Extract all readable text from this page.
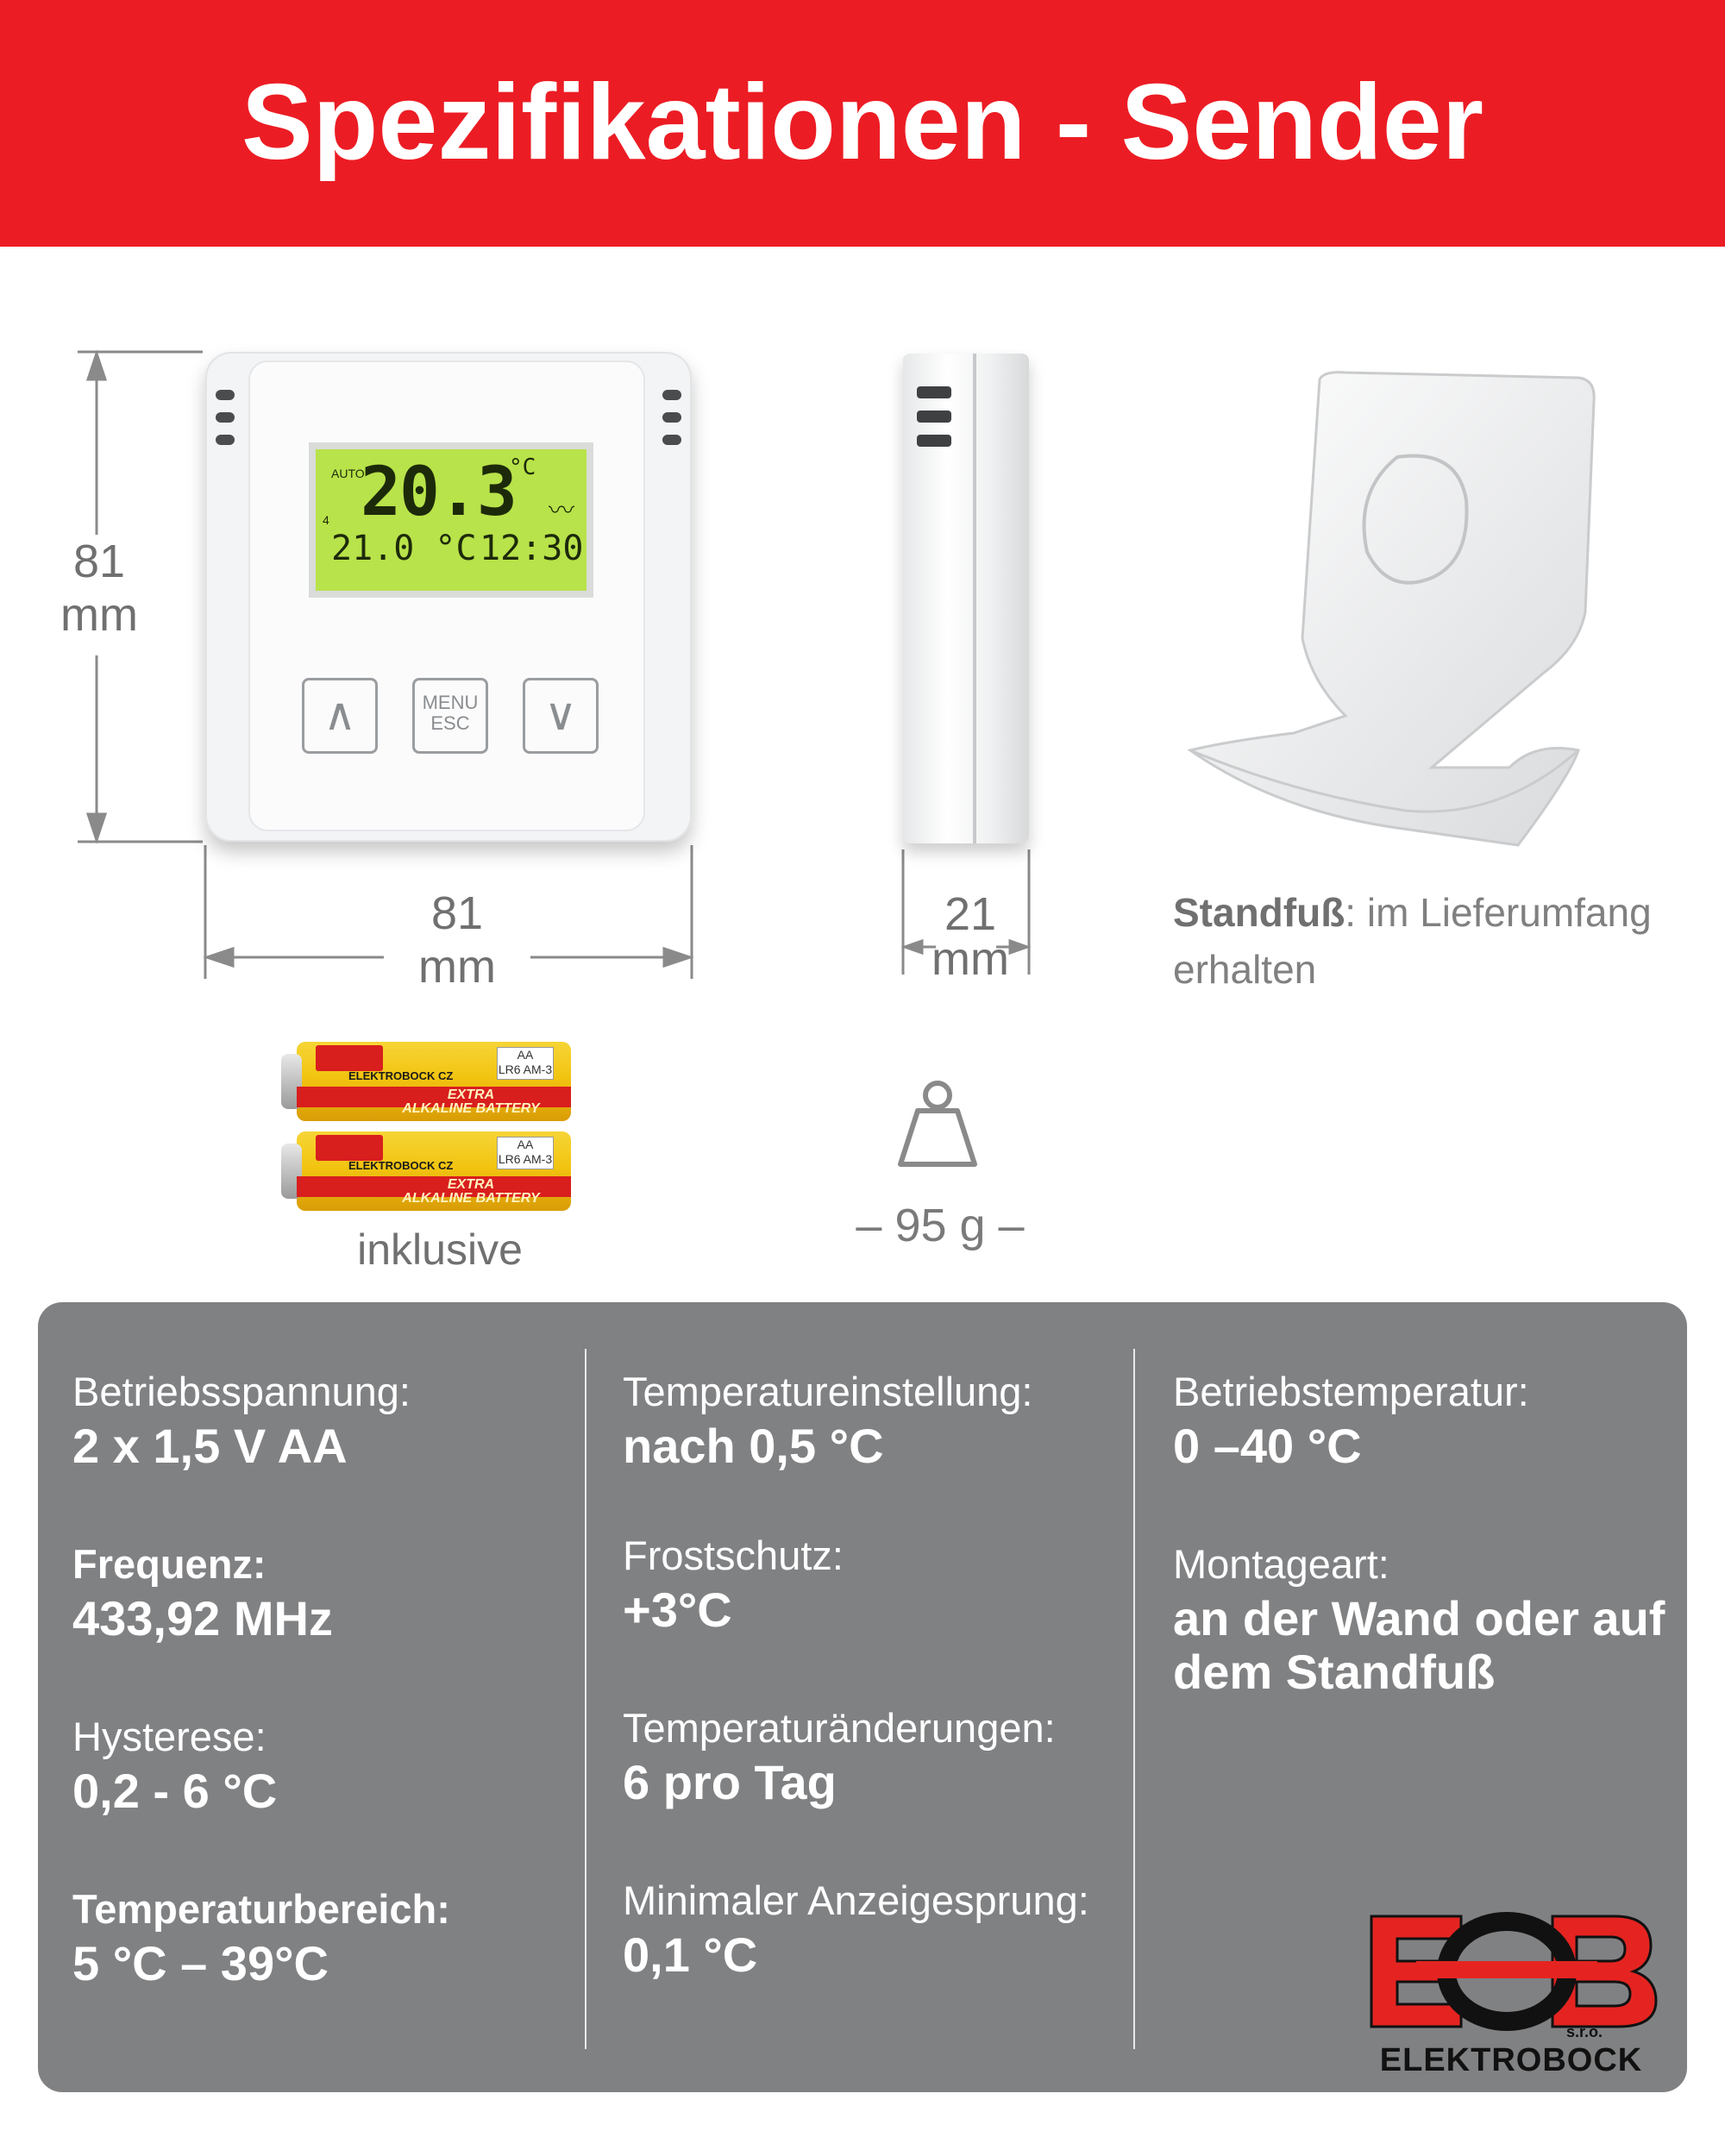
Spezifikationen - Sender
81
mm
81
mm
21
mm
AUTO
20.3
°C
〰
4
21.0 °C 12:30
∧	MENU
ESC	∨
Standfuß: im Lieferumfang erhalten
ELEKTROBOCK CZ
EXTRA
ALKALINE BATTERY
AA
LR6 AM-3
ELEKTROBOCK CZ
EXTRA
ALKALINE BATTERY
AA
LR6 AM-3
inklusive	– 95 g –
Betriebsspannung:
2 x 1,5 V AA
Frequenz:
433,92 MHz
Hysterese:
0,2 - 6 °C
Temperaturbereich:
5 °C – 39°C
Temperatureinstellung:
nach 0,5 °C
Frostschutz:
+3°C
Temperaturänderungen:
6 pro Tag
Minimaler Anzeigesprung:
0,1 °C
Betriebstemperatur:
0 –40 °C
Montageart:
an der Wand oder auf dem Standfuß
s.r.o.
ELEKTROBOCK
